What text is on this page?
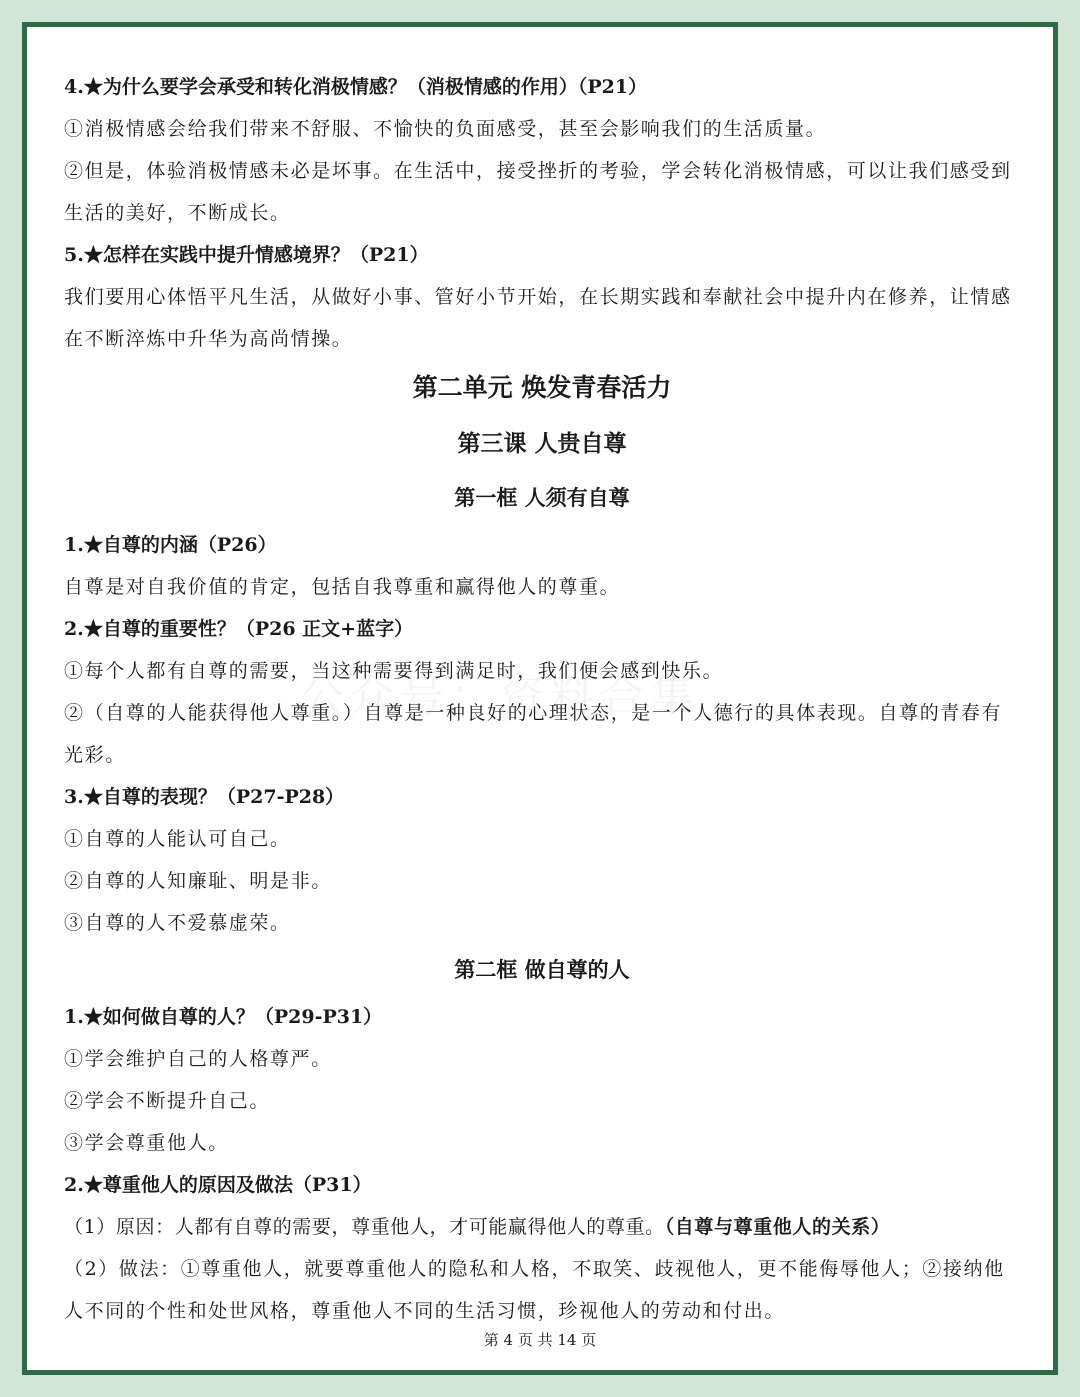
4.★为什么要学会承受和转化消极情感？（消极情感的作用）（P21）
①消极情感会给我们带来不舒服、不愉快的负面感受，甚至会影响我们的生活质量。
②但是，体验消极情感未必是坏事。在生活中，接受挫折的考验，学会转化消极情感，可以让我们感受到生活的美好，不断成长。
5.★怎样在实践中提升情感境界？（P21）
我们要用心体悟平凡生活，从做好小事、管好小节开始，在长期实践和奉献社会中提升内在修养，让情感在不断淬炼中升华为高尚情操。
第二单元 焕发青春活力
第三课 人贵自尊
第一框 人须有自尊
1.★自尊的内涵（P26）
自尊是对自我价值的肯定，包括自我尊重和赢得他人的尊重。
2.★自尊的重要性？（P26 正文+蓝字）
①每个人都有自尊的需要，当这种需要得到满足时，我们便会感到快乐。
②（自尊的人能获得他人尊重。）自尊是一种良好的心理状态，是一个人德行的具体表现。自尊的青春有光彩。
3.★自尊的表现？（P27-P28）
①自尊的人能认可自己。
②自尊的人知廉耻、明是非。
③自尊的人不爱慕虚荣。
第二框 做自尊的人
1.★如何做自尊的人？（P29-P31）
①学会维护自己的人格尊严。
②学会不断提升自己。
③学会尊重他人。
2.★尊重他人的原因及做法（P31）
（1）原因：人都有自尊的需要，尊重他人，才可能赢得他人的尊重。（自尊与尊重他人的关系）
（2）做法：①尊重他人，就要尊重他人的隐私和人格，不取笑、歧视他人，更不能侮辱他人；②接纳他人不同的个性和处世风格，尊重他人不同的生活习惯，珍视他人的劳动和付出。
第 4 页 共 14 页
